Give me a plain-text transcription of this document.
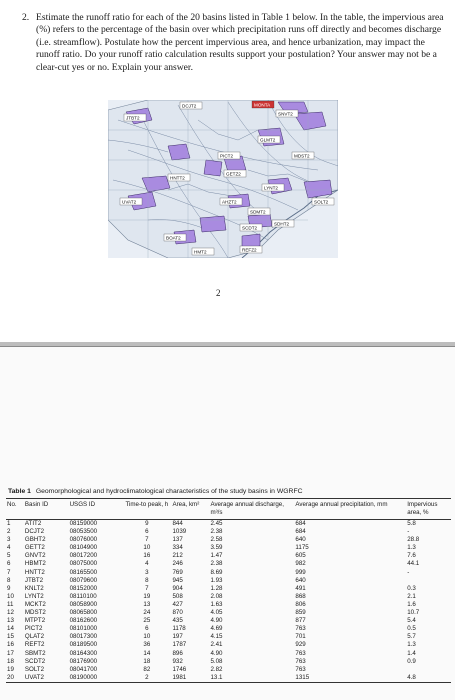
2. Estimate the runoff ratio for each of the 20 basins listed in Table 1 below. In the table, the impervious area (%) refers to the percentage of the basin over which precipitation runs off directly and becomes discharge (i.e. streamflow). Postulate how the percent impervious area, and hence urbanization, may impact the runoff ratio. Do your runoff ratio calculation results support your postulation? Your answer may not be a clear-cut yes or no. Explain your answer.
JTBT2
DCJT2	MONTA
SNVT2
GLMT2
MDST2
PICT2
HNTT2
GETZ2
LYNT2
UVAT2	AHZT2	SOLT2
BOAT2
SDMT2
SCDT2
SDHT2
HMT2	REFZ2
2
Table 1 Geomorphological and hydroclimatological characteristics of the study basins in WGRFC
No.	Basin ID	USGS ID	Time-to peak, h	Area, km²	Average annual discharge, m³/s	Average annual precipitation, mm	Impervious area, %
1	ATIT2	08159000	9	844	2.45	684	5.8
2	DCJT2	08053500	6	1039	2.38	684	-
3	GBHT2	08076000	7	137	2.58	640	28.8
4	GETT2	08104900	10	334	3.59	1175	1.3
5	GNVT2	08017200	16	212	1.47	605	7.6
6	HBMT2	08075000	4	246	2.38	982	44.1
7	HNTT2	08165500	3	769	8.69	999	-
8	JTBT2	08079600	8	945	1.93	640	
9	KNLT2	08152000	7	904	1.28	491	0.3
10	LYNT2	08110100	19	508	2.08	868	2.1
11	MCKT2	08058900	13	427	1.63	806	1.6
12	MDST2	08065800	24	870	4.05	859	10.7
13	MTPT2	08162600	25	435	4.90	877	5.4
14	PICT2	08101000	6	1178	4.69	763	0.5
15	QLAT2	08017300	10	197	4.15	701	5.7
16	REFT2	08189500	36	1787	2.41	929	1.3
17	SBMT2	08164300	14	896	4.90	763	1.4
18	SCDT2	08176900	18	932	5.08	763	0.9
19	SOLT2	08041700	82	1746	2.82	763	
20	UVAT2	08190000	2	1981	13.1	1315	4.8
